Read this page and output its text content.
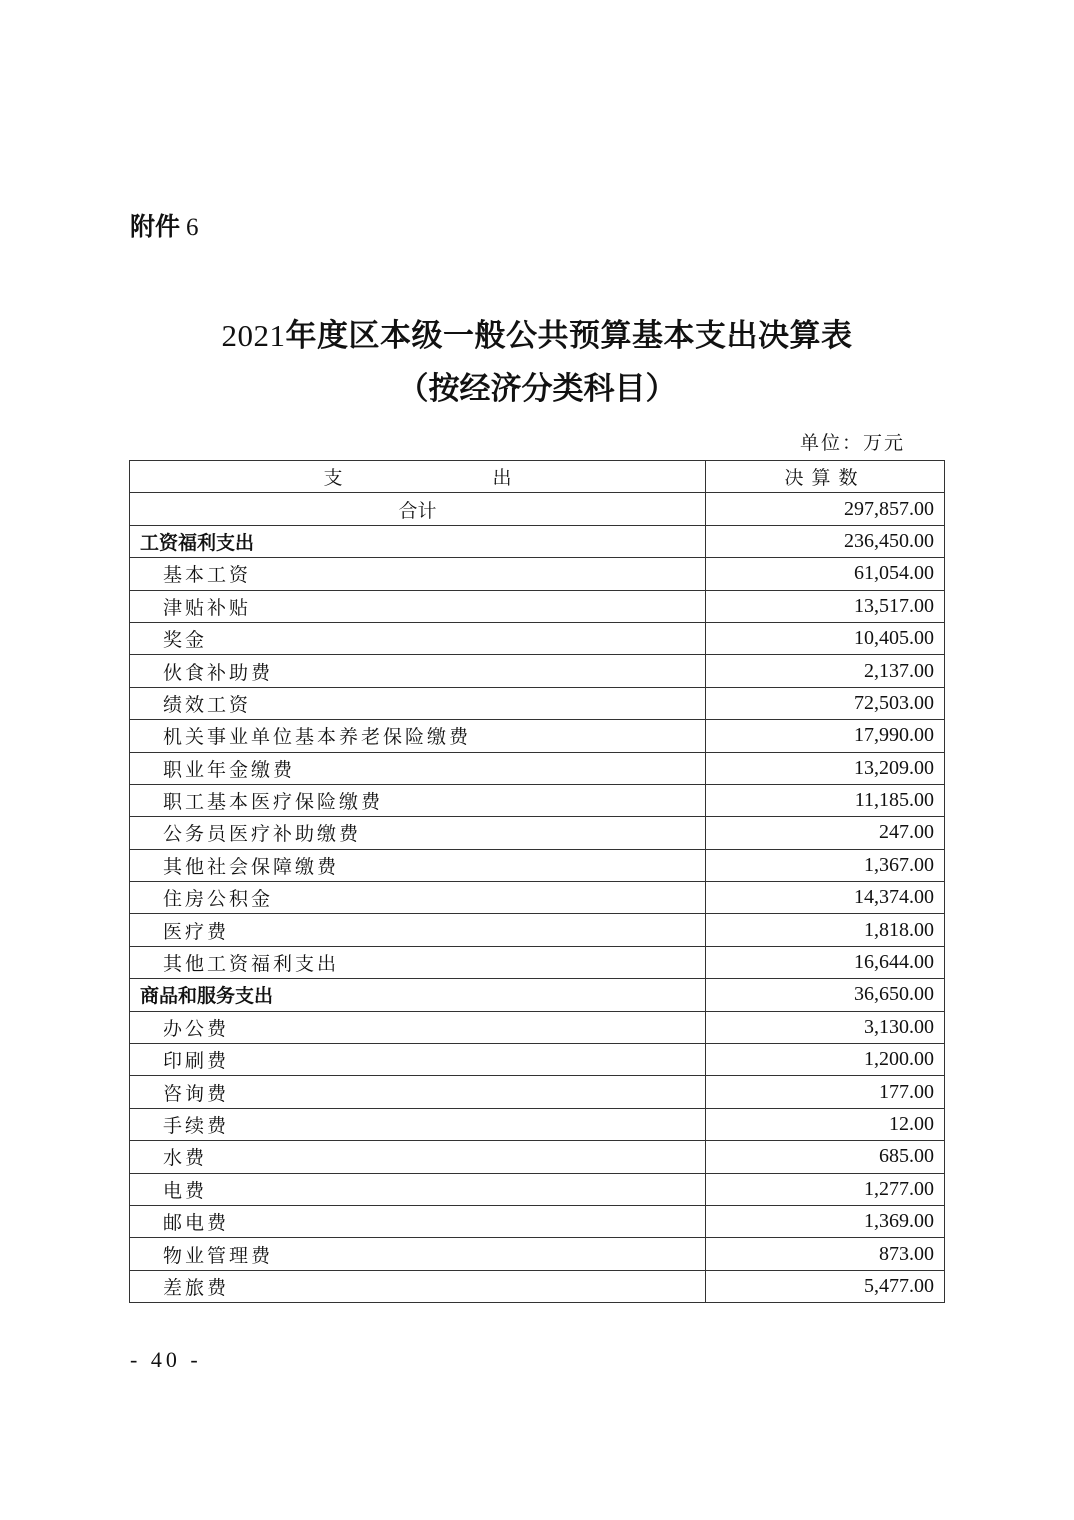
附件 6
2021年度区本级一般公共预算基本支出决算表
（按经济分类科目）
单位：万元
支 出	决算数
合计	297,857.00
工资福利支出	236,450.00
基本工资	61,054.00
津贴补贴	13,517.00
奖金	10,405.00
伙食补助费	2,137.00
绩效工资	72,503.00
机关事业单位基本养老保险缴费	17,990.00
职业年金缴费	13,209.00
职工基本医疗保险缴费	11,185.00
公务员医疗补助缴费	247.00
其他社会保障缴费	1,367.00
住房公积金	14,374.00
医疗费	1,818.00
其他工资福利支出	16,644.00
商品和服务支出	36,650.00
办公费	3,130.00
印刷费	1,200.00
咨询费	177.00
手续费	12.00
水费	685.00
电费	1,277.00
邮电费	1,369.00
物业管理费	873.00
差旅费	5,477.00
- 40 -
